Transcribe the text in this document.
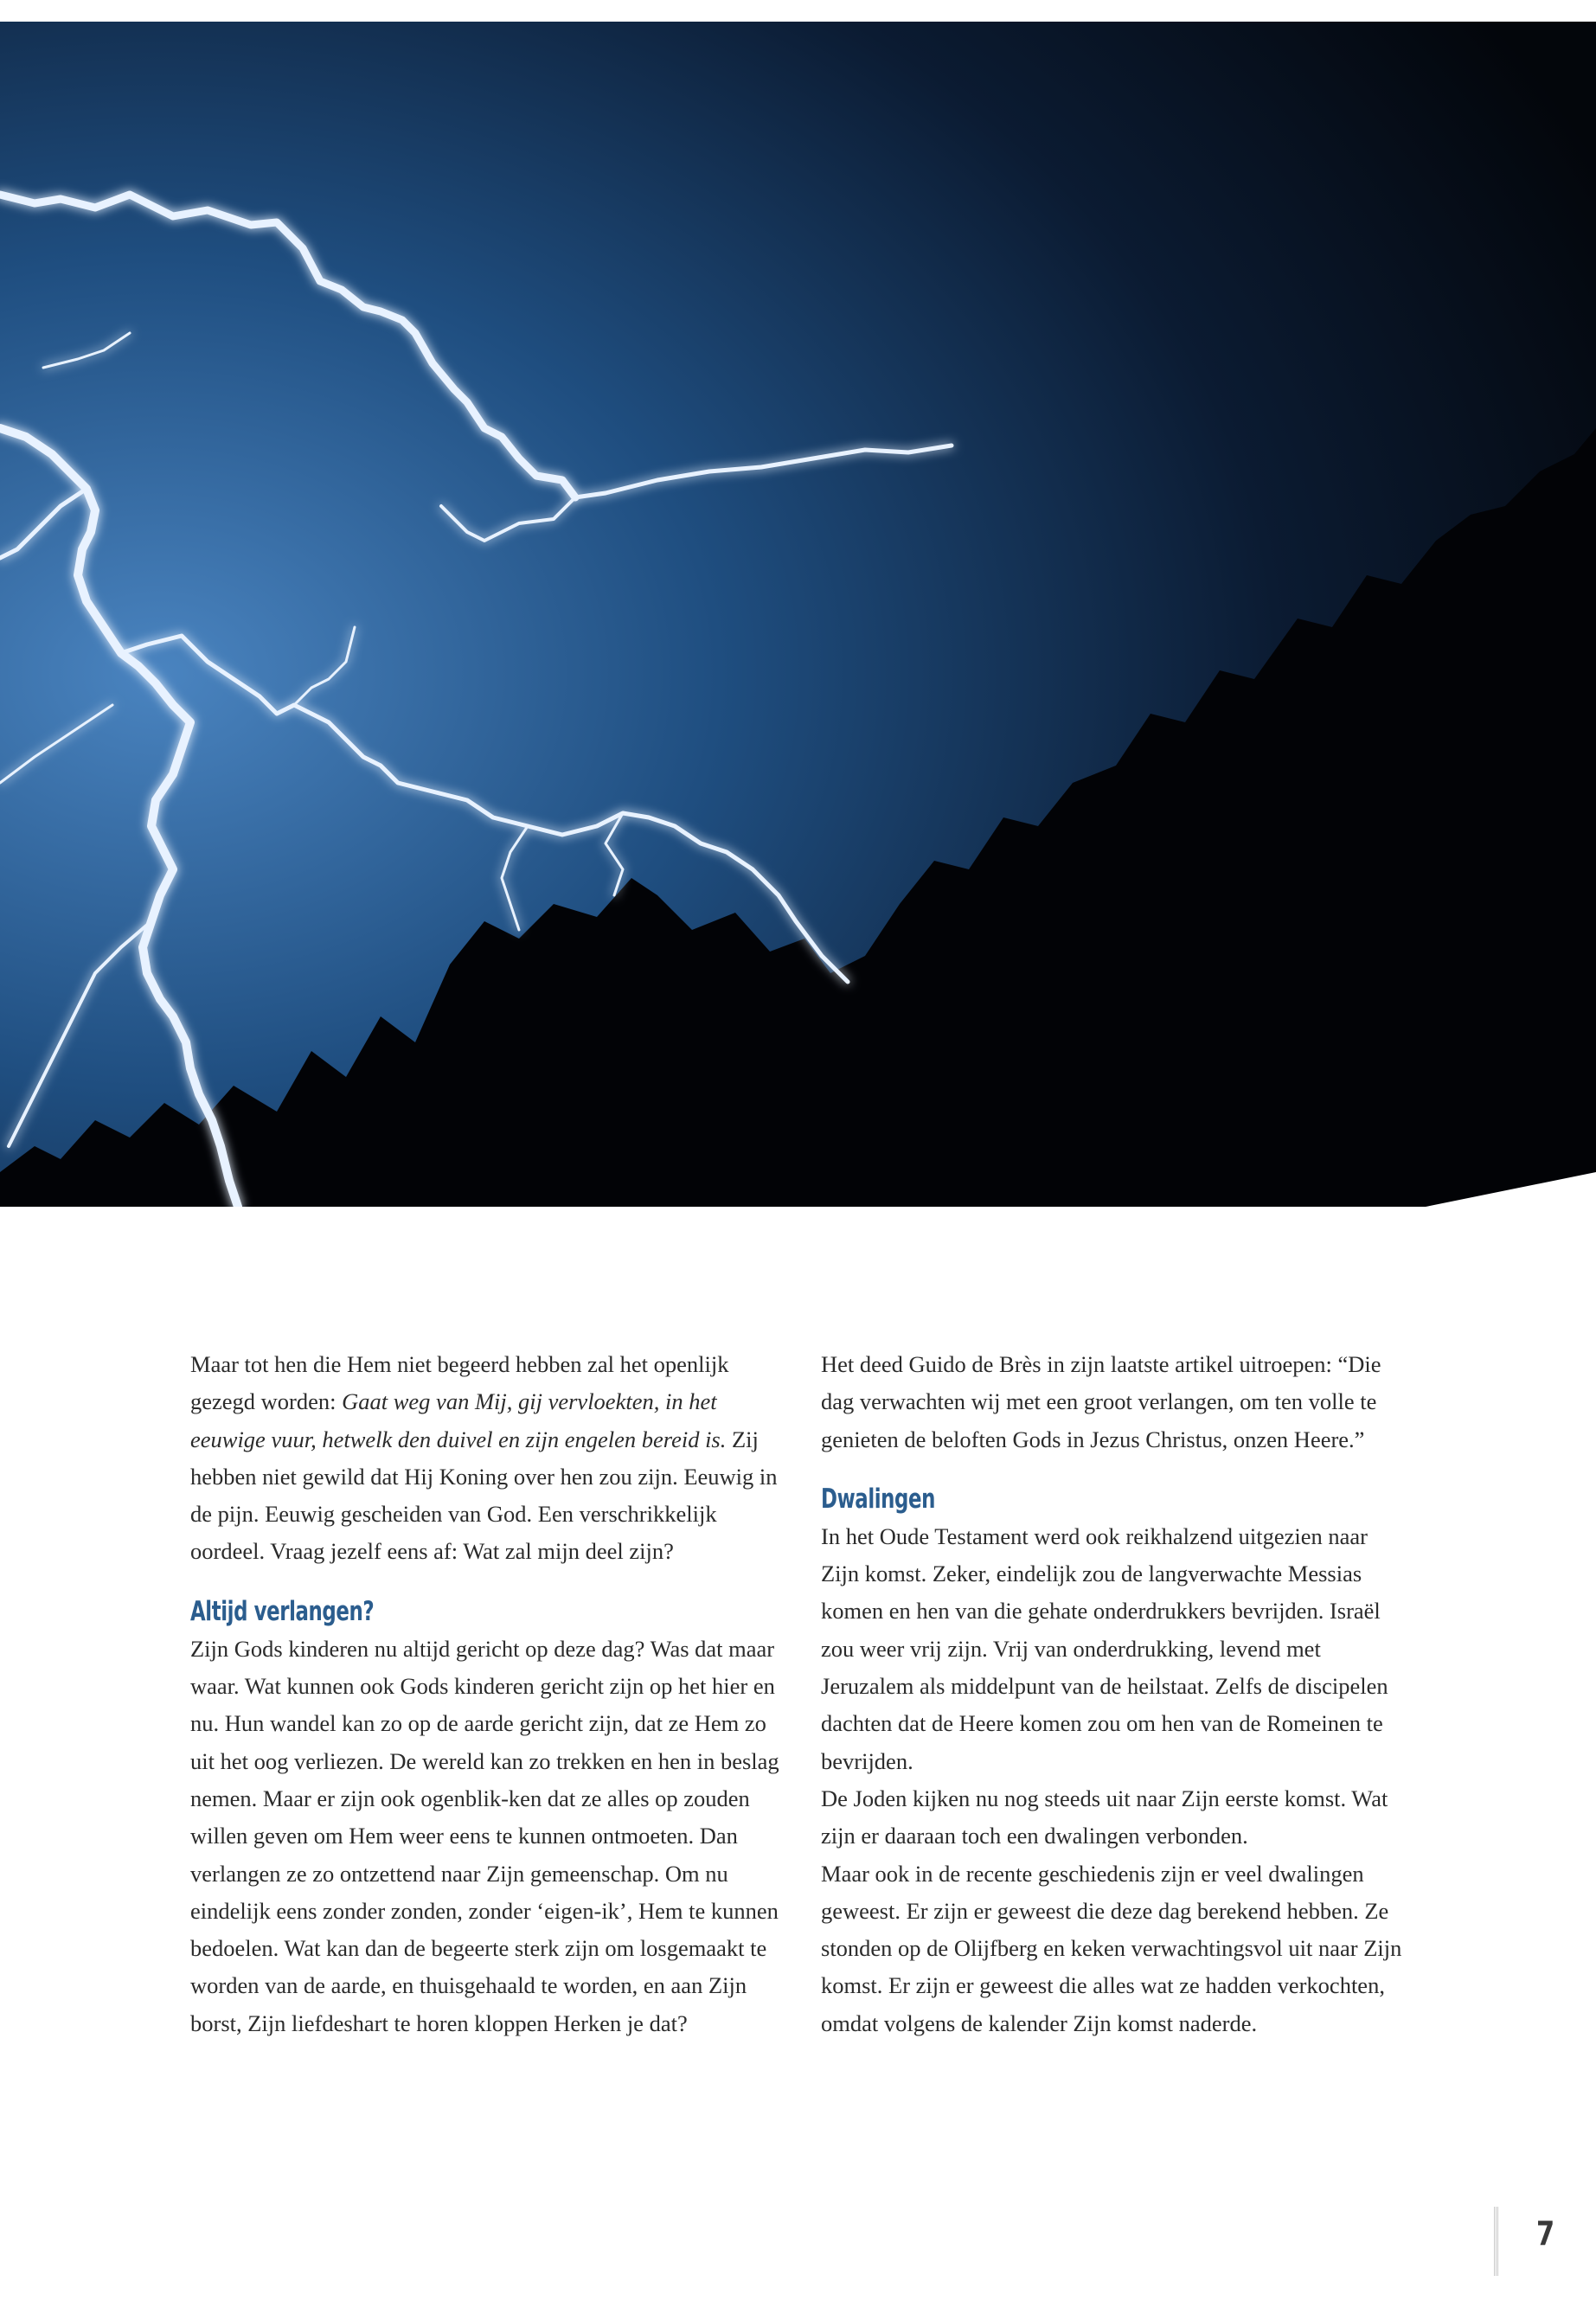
Maar tot hen die Hem niet begeerd hebben zal het openlijk gezegd worden: Gaat weg van Mij, gij vervloekten, in het eeuwige vuur, hetwelk den duivel en zijn engelen bereid is. Zij hebben niet gewild dat Hij Koning over hen zou zijn. Eeuwig in de pijn. Eeuwig gescheiden van God. Een verschrikkelijk oordeel. Vraag jezelf eens af: Wat zal mijn deel zijn?

Altijd verlangen?

Zijn Gods kinderen nu altijd gericht op deze dag? Was dat maar waar. Wat kunnen ook Gods kinderen gericht zijn op het hier en nu. Hun wandel kan zo op de aarde gericht zijn, dat ze Hem zo uit het oog verliezen. De wereld kan zo trekken en hen in beslag nemen. Maar er zijn ook ogenblik-ken dat ze alles op zouden willen geven om Hem weer eens te kunnen ontmoeten. Dan verlangen ze zo ontzettend naar Zijn gemeenschap. Om nu eindelijk eens zonder zonden, zonder ‘eigen-ik’, Hem te kunnen bedoelen. Wat kan dan de begeerte sterk zijn om losgemaakt te worden van de aarde, en thuisgehaald te worden, en aan Zijn borst, Zijn liefdeshart te horen kloppen Herken je dat?

Het deed Guido de Brès in zijn laatste artikel uitroepen: “Die dag verwachten wij met een groot verlangen, om ten volle te genieten de beloften Gods in Jezus Christus, onzen Heere.”

Dwalingen

In het Oude Testament werd ook reikhalzend uitgezien naar Zijn komst. Zeker, eindelijk zou de langverwachte Messias komen en hen van die gehate onderdrukkers bevrijden. Israël zou weer vrij zijn. Vrij van onderdrukking, levend met Jeruzalem als middelpunt van de heilstaat. Zelfs de discipelen dachten dat de Heere komen zou om hen van de Romeinen te bevrijden.

De Joden kijken nu nog steeds uit naar Zijn eerste komst. Wat zijn er daaraan toch een dwalingen verbonden.

Maar ook in de recente geschiedenis zijn er veel dwalingen geweest. Er zijn er geweest die deze dag berekend hebben. Ze stonden op de Olijfberg en keken verwachtingsvol uit naar Zijn komst. Er zijn er geweest die alles wat ze hadden verkochten, omdat volgens de kalender Zijn komst naderde.

7
